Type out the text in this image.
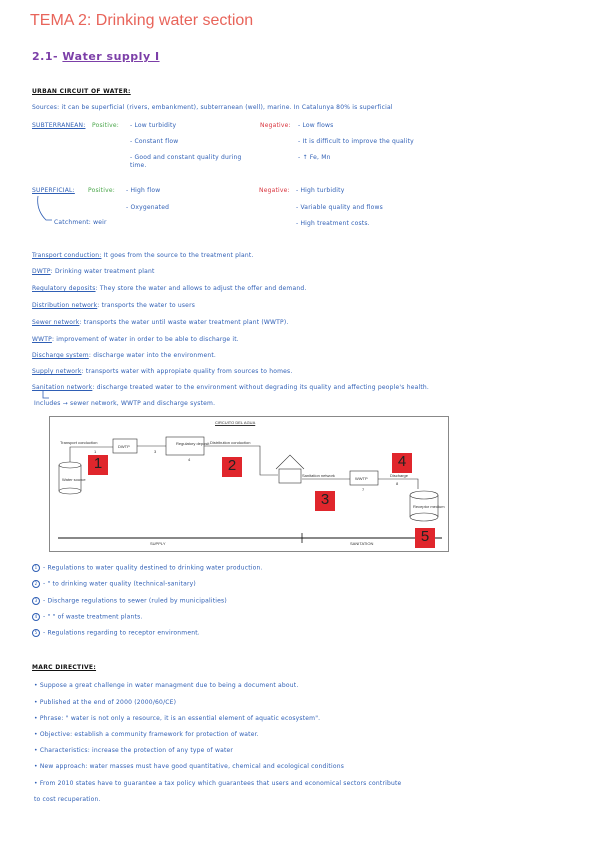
TEMA 2: Drinking water section
2.1- Water supply I
URBAN CIRCUIT OF WATER:
Sources: it can be superficial (rivers, embankment), subterranean (well), marine. In Catalunya 80% is superficial
SUBTERRANEAN: Positive: - Low turbidity
- Constant flow
- Good and constant quality during time.
Negative: - Low flows
- It is difficult to improve the quality
- ↑ Fe, Mn
SUPERFICIAL: Positive: - High flow
- Oxygenated
Negative: - High turbidity
- Variable quality and flows
- High treatment costs.
Catchment: weir
Transport conduction: It goes from the source to the treatment plant.
DWTP: Drinking water treatment plant
Regulatory deposits: They store the water and allows to adjust the offer and demand.
Distribution network: transports the water to users
Sewer network: transports the water until waste water treatment plant (WWTP).
WWTP: improvement of water in order to be able to discharge it.
Discharge system: discharge water into the environment.
Supply network: transports water with appropiate quality from sources to homes.
Sanitation network: discharge treated water to the environment without degrading its quality and affecting people's health.
Includes → sewer network, WWTP and discharge system.
CIRCUITO DEL AGUA
Transport conduction
DWTP
Regulatory deposit Distribution conduction
Water source
Sanitation network
WWTP
Discharge
Receptor medium
SUPPLY	SANITATION
1	3
4
7
8
1	2
3
4
5
1 - Regulations to water quality destined to drinking water production.
2 - " to drinking water quality (technical-sanitary)
3 - Discharge regulations to sewer (ruled by municipalities)
4 - " " of waste treatment plants.
5 - Regulations regarding to receptor environment.
MARC DIRECTIVE:
• Suppose a great challenge in water managment due to being a document about.
• Published at the end of 2000 (2000/60/CE)
• Phrase: " water is not only a resource, it is an essential element of aquatic ecosystem".
• Objective: establish a community framework for protection of water.
• Characteristics: increase the protection of any type of water
• New approach: water masses must have good quantitative, chemical and ecological conditions
• From 2010 states have to guarantee a tax policy which guarantees that users and economical sectors contribute
to cost recuperation.
